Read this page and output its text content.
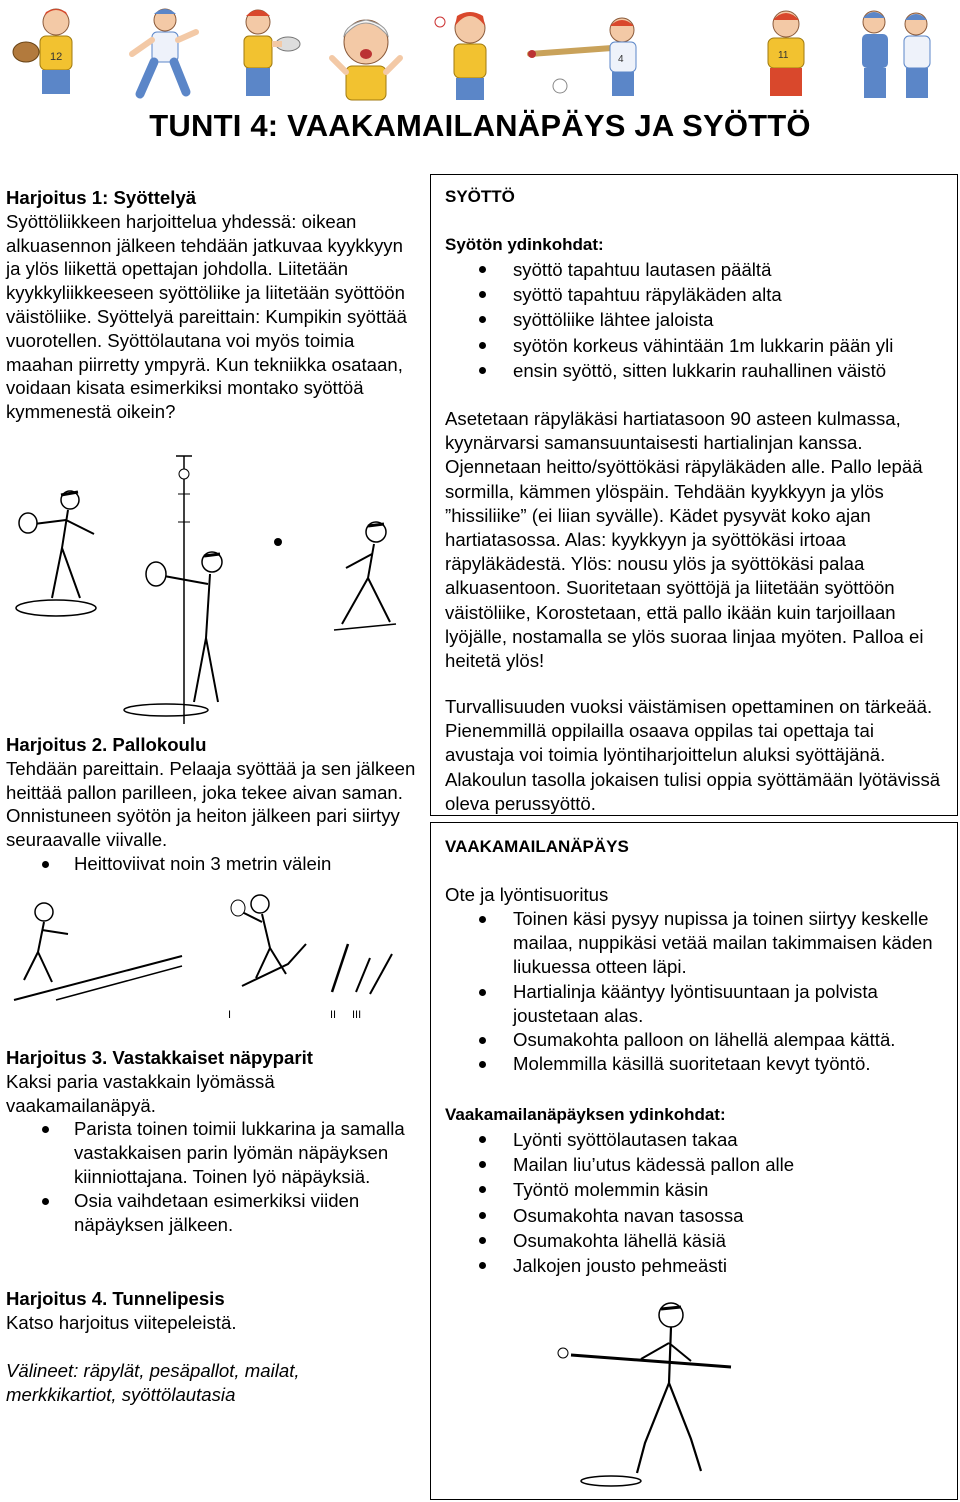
12	4	11
TUNTI 4: VAAKAMAILANÄPÄYS JA SYÖTTÖ

Harjoitus 1: Syöttelyä

Syöttöliikkeen harjoittelua yhdessä: oikean alkuasennon jälkeen tehdään jatkuvaa kyykkyyn ja ylös liikettä opettajan johdolla. Liitetään kyykkyliikkeeseen syöttöliike ja liitetään syöttöön väistöliike. Syöttelyä pareittain: Kumpikin syöttää vuorotellen. Syöttölautana voi myös toimia maahan piirretty ympyrä. Kun tekniikka osataan, voidaan kisata esimerkiksi montako syöttöä kymmenestä oikein?

Harjoitus 2. Pallokoulu

Tehdään pareittain. Pelaaja syöttää ja sen jälkeen heittää pallon parilleen, joka tekee aivan saman. Onnistuneen syötön ja heiton jälkeen pari siirtyy seuraavalle viivalle.

Heittoviivat noin 3 metrin välein
I	II III

Harjoitus 3. Vastakkaiset näpyparit

Kaksi paria vastakkain lyömässä vaakamailanäpyä.

Parista toinen toimii lukkarina ja samalla vastakkaisen parin lyömän näpäyksen kiinniottajana. Toinen lyö näpäyksiä.
Osia vaihdetaan esimerkiksi viiden näpäyksen jälkeen.

Harjoitus 4. Tunnelipesis

Katso harjoitus viitepeleistä.

Välineet: räpylät, pesäpallot, mailat, merkkikartiot, syöttölautasia
SYÖTTÖ
Syötön ydinkohdat:
syöttö tapahtuu lautasen päältä
syöttö tapahtuu räpyläkäden alta
syöttöliike lähtee jaloista
syötön korkeus vähintään 1m lukkarin pään yli
ensin syöttö, sitten lukkarin rauhallinen väistö

Asetetaan räpyläkäsi hartiatasoon 90 asteen kulmassa, kyynärvarsi samansuuntaisesti hartialinjan kanssa. Ojennetaan heitto/syöttökäsi räpyläkäden alle. Pallo lepää sormilla, kämmen ylöspäin. Tehdään kyykkyyn ja ylös ”hissiliike” (ei liian syvälle). Kädet pysyvät koko ajan hartiatasossa. Alas: kyykkyyn ja syöttökäsi irtoaa räpyläkädestä. Ylös: nousu ylös ja syöttökäsi palaa alkuasentoon. Suoritetaan syöttöjä ja liitetään syöttöön väistöliike, Korostetaan, että pallo ikään kuin tarjoillaan lyöjälle, nostamalla se ylös suoraa linjaa myöten. Palloa ei heitetä ylös!

Turvallisuuden vuoksi väistämisen opettaminen on tärkeää. Pienemmillä oppilailla osaava oppilas tai opettaja tai avustaja voi toimia lyöntiharjoittelun aluksi syöttäjänä. Alakoulun tasolla jokaisen tulisi oppia syöttämään lyötävissä oleva perussyöttö.

VAAKAMAILANÄPÄYS
Ote ja lyöntisuoritus
Toinen käsi pysyy nupissa ja toinen siirtyy keskelle mailaa, nuppikäsi vetää mailan takimmaisen käden liukuessa otteen läpi.
Hartialinja kääntyy lyöntisuuntaan ja polvista joustetaan alas.
Osumakohta palloon on lähellä alempaa kättä.
Molemmilla käsillä suoritetaan kevyt työntö.
Vaakamailanäpäyksen ydinkohdat:
Lyönti syöttölautasen takaa
Mailan liu’utus kädessä pallon alle
Työntö molemmin käsin
Osumakohta navan tasossa
Osumakohta lähellä käsiä
Jalkojen jousto pehmeästi
